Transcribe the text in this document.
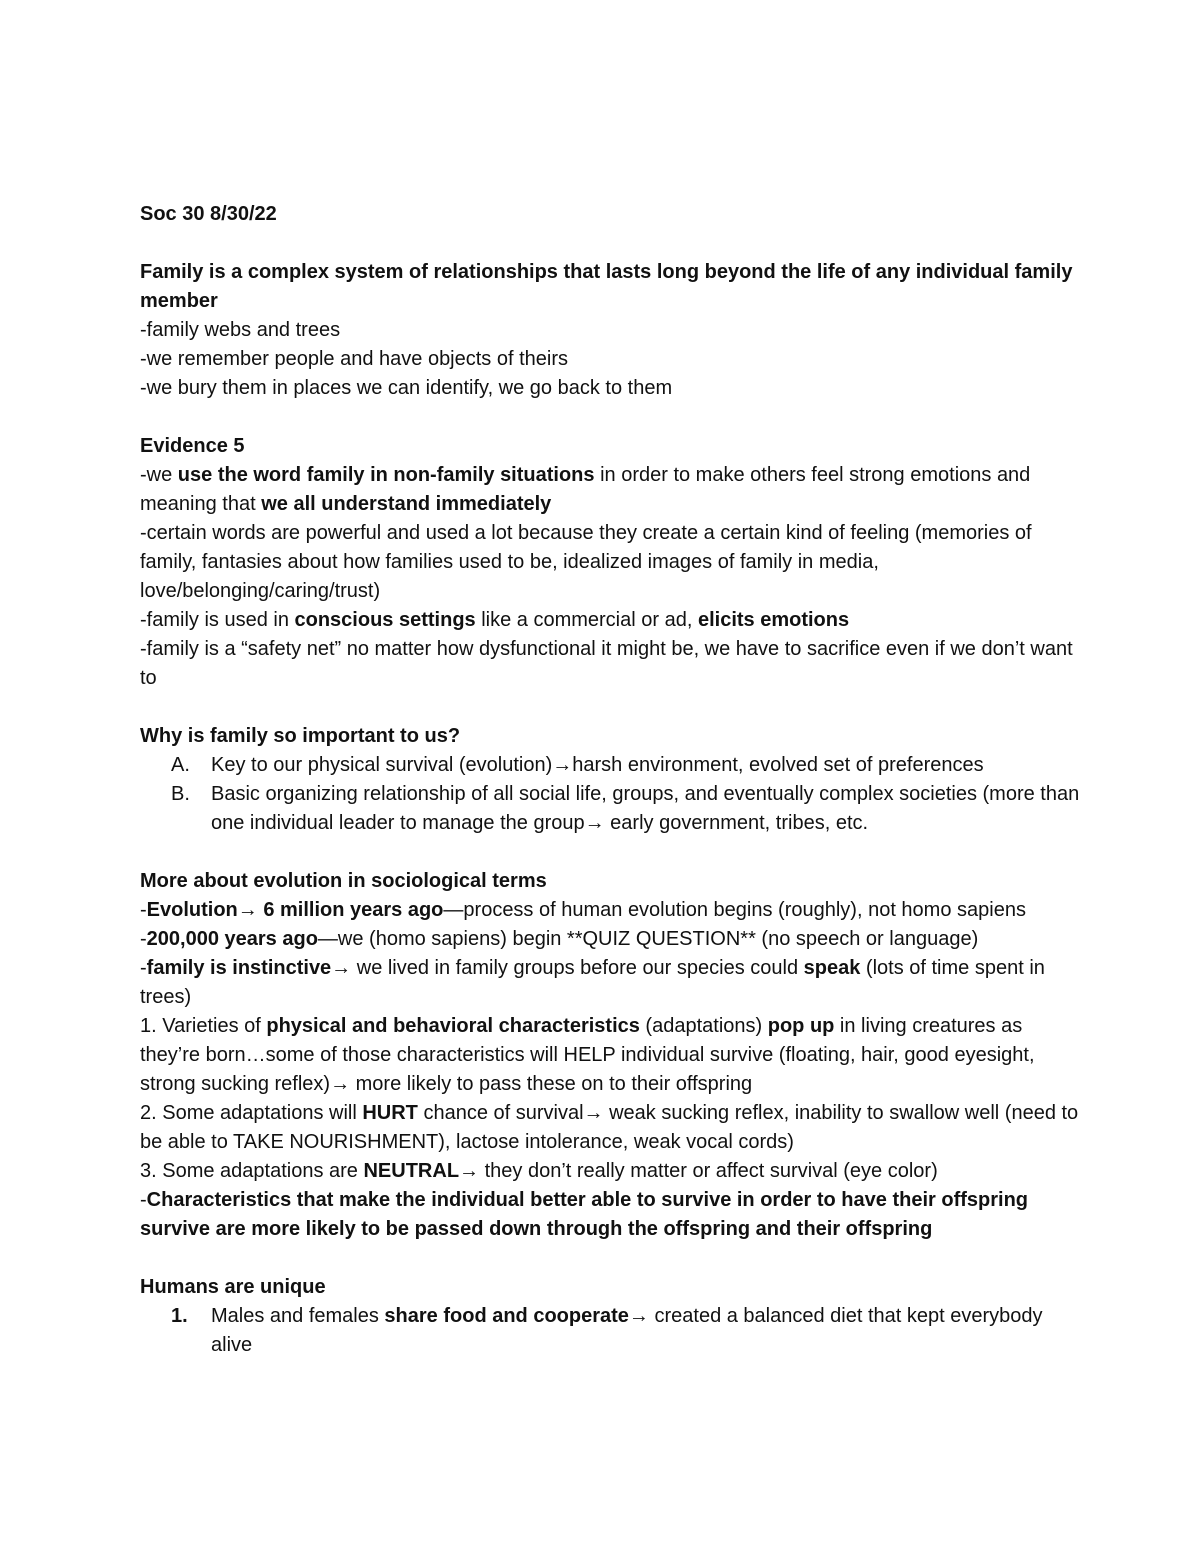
Soc 30 8/30/22

Family is a complex system of relationships that lasts long beyond the life of any individual family member

-family webs and trees

-we remember people and have objects of theirs

-we bury them in places we can identify, we go back to them

Evidence 5

-we use the word family in non-family situations in order to make others feel strong emotions and meaning that we all understand immediately

-certain words are powerful and used a lot because they create a certain kind of feeling (memories of family, fantasies about how families used to be, idealized images of family in media, love/belonging/caring/trust)

-family is used in conscious settings like a commercial or ad, elicits emotions

-family is a “safety net” no matter how dysfunctional it might be, we have to sacrifice even if we don’t want to

Why is family so important to us?

A.	Key to our physical survival (evolution)→harsh environment, evolved set of preferences
B.	Basic organizing relationship of all social life, groups, and eventually complex societies (more than one individual leader to manage the group→ early government, tribes, etc.

More about evolution in sociological terms

-Evolution→ 6 million years ago—process of human evolution begins (roughly), not homo sapiens

-200,000 years ago—we (homo sapiens) begin **QUIZ QUESTION** (no speech or language)

-family is instinctive→ we lived in family groups before our species could speak (lots of time spent in trees)

1. Varieties of physical and behavioral characteristics (adaptations) pop up in living creatures as they’re born…some of those characteristics will HELP individual survive (floating, hair, good eyesight, strong sucking reflex)→ more likely to pass these on to their offspring

2. Some adaptations will HURT chance of survival→ weak sucking reflex, inability to swallow well (need to be able to TAKE NOURISHMENT), lactose intolerance, weak vocal cords)

3. Some adaptations are NEUTRAL→ they don’t really matter or affect survival (eye color)

-Characteristics that make the individual better able to survive in order to have their offspring survive are more likely to be passed down through the offspring and their offspring

Humans are unique

1.	Males and females share food and cooperate→ created a balanced diet that kept everybody alive
